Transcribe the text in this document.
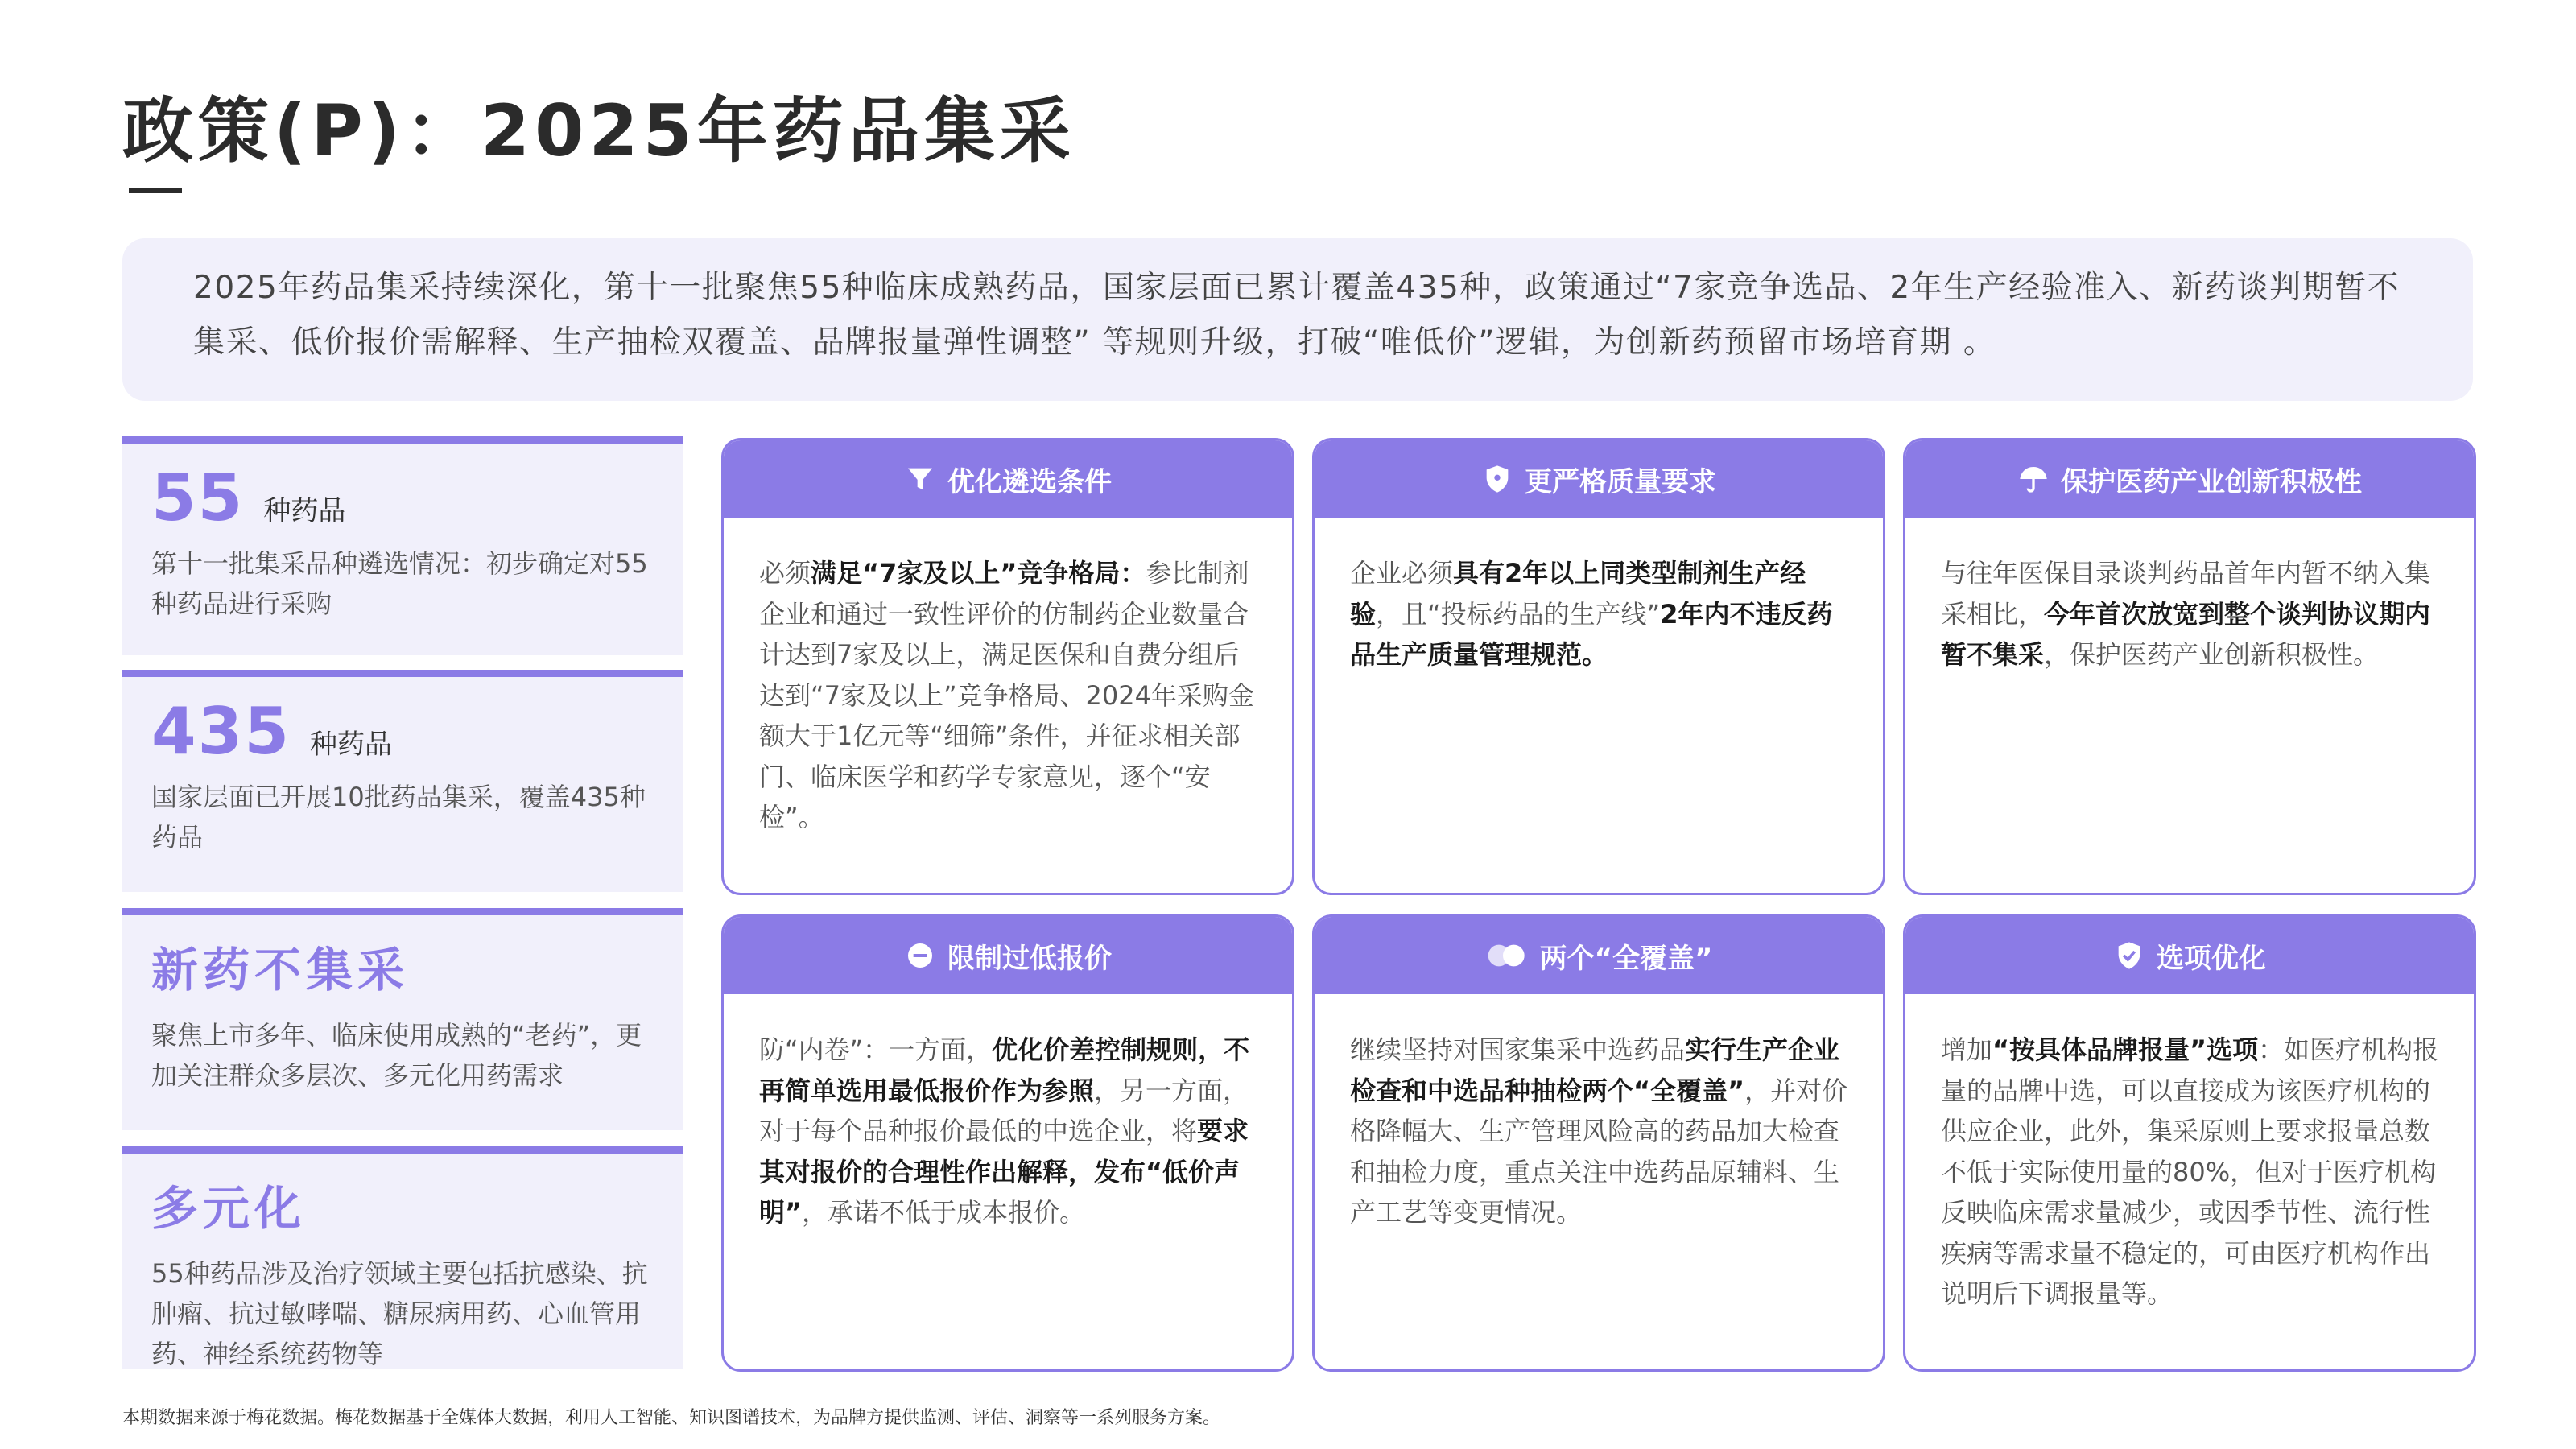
政策(P)：2025年药品集采

2025年药品集采持续深化，第十一批聚焦55种临床成熟药品，国家层面已累计覆盖435种，政策通过“7家竞争选品、2年生产经验准入、新药谈判期暂不集采、低价报价需解释、生产抽检双覆盖、品牌报量弹性调整” 等规则升级，打破“唯低价”逻辑，为创新药预留市场培育期 。

55 种药品

第十一批集采品种遴选情况：初步确定对55种药品进行采购

435 种药品

国家层面已开展10批药品集采，覆盖435种药品

新药不集采

聚焦上市多年、临床使用成熟的“老药”，更加关注群众多层次、多元化用药需求

多元化

55种药品涉及治疗领域主要包括抗感染、抗肿瘤、抗过敏哮喘、糖尿病用药、心血管用药、神经系统药物等

优化遴选条件
必须满足“7家及以上”竞争格局：参比制剂企业和通过一致性评价的仿制药企业数量合计达到7家及以上，满足医保和自费分组后达到“7家及以上”竞争格局、2024年采购金额大于1亿元等“细筛”条件，并征求相关部门、临床医学和药学专家意见，逐个“安检”。
更严格质量要求
企业必须具有2年以上同类型制剂生产经验，且“投标药品的生产线”2年内不违反药品生产质量管理规范。
保护医药产业创新积极性
与往年医保目录谈判药品首年内暂不纳入集采相比，今年首次放宽到整个谈判协议期内暂不集采，保护医药产业创新积极性。
限制过低报价
防“内卷”：一方面，优化价差控制规则，不再简单选用最低报价作为参照，另一方面，对于每个品种报价最低的中选企业，将要求其对报价的合理性作出解释，发布“低价声明”，承诺不低于成本报价。
两个“全覆盖”
继续坚持对国家集采中选药品实行生产企业检查和中选品种抽检两个“全覆盖”，并对价格降幅大、生产管理风险高的药品加大检查和抽检力度，重点关注中选药品原辅料、生产工艺等变更情况。
选项优化
增加“按具体品牌报量”选项：如医疗机构报量的品牌中选，可以直接成为该医疗机构的供应企业，此外，集采原则上要求报量总数不低于实际使用量的80%，但对于医疗机构反映临床需求量减少，或因季节性、流行性疾病等需求量不稳定的，可由医疗机构作出说明后下调报量等。

本期数据来源于梅花数据。梅花数据基于全媒体大数据，利用人工智能、知识图谱技术，为品牌方提供监测、评估、洞察等一系列服务方案。
